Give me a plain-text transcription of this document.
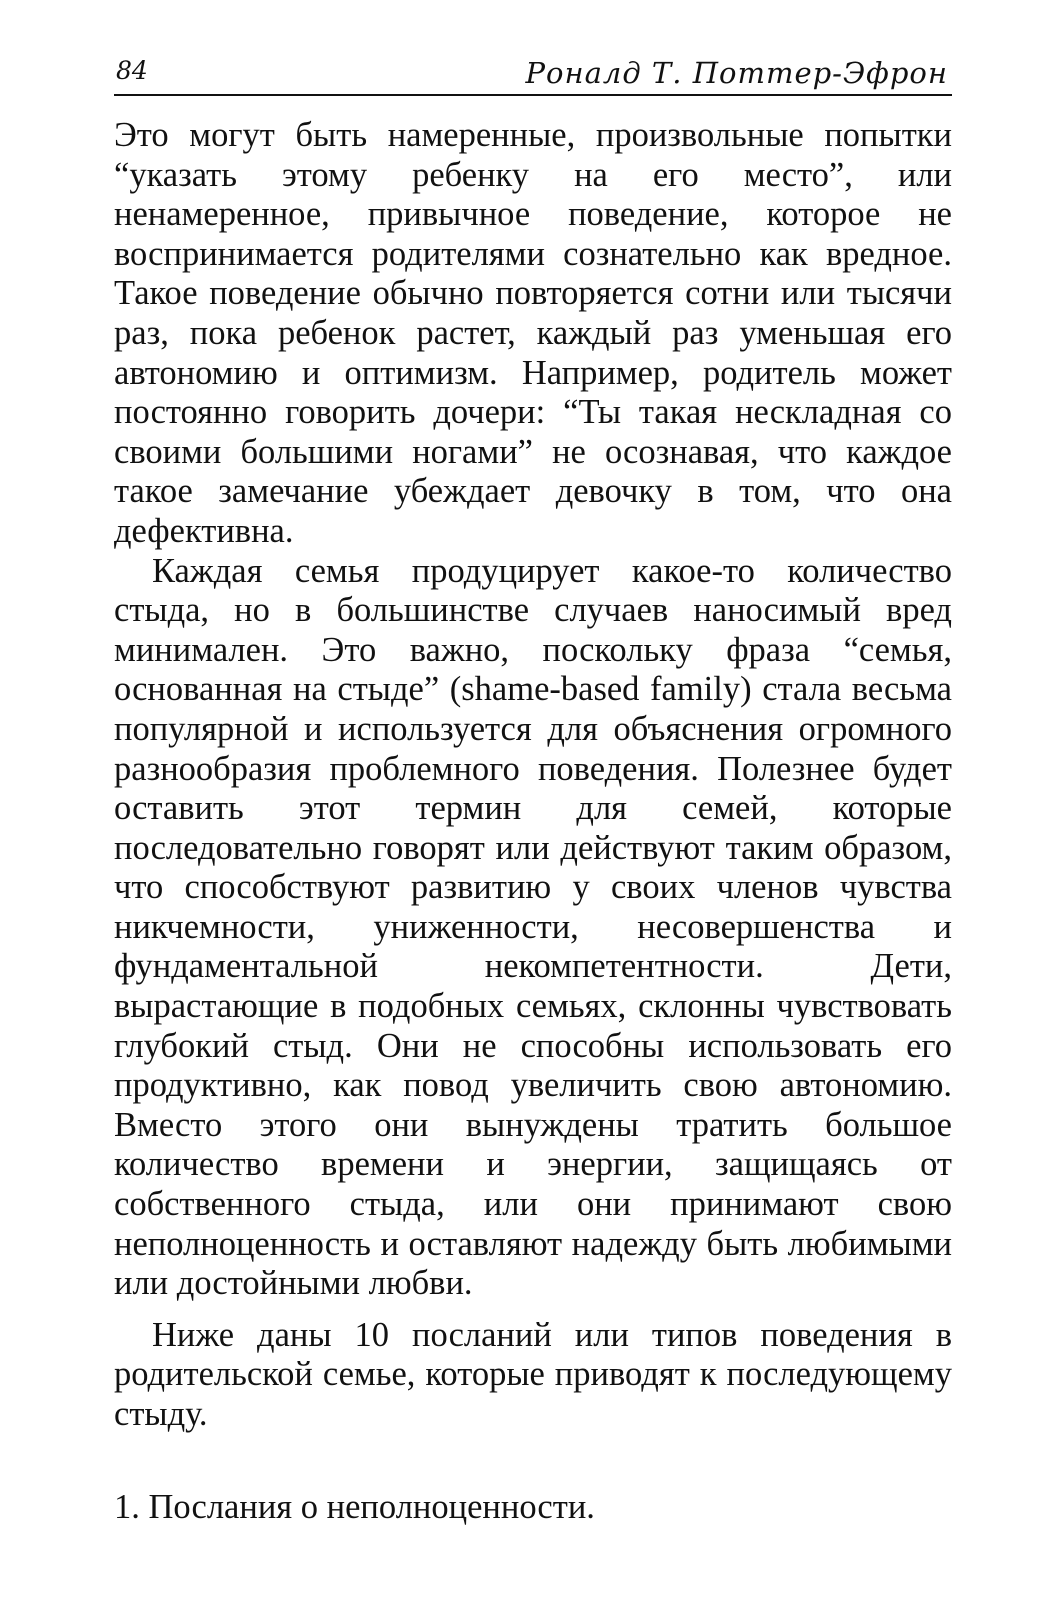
84	Роналд Т. Поттер-Эфрон

Это могут быть намеренные, произвольные попытки “указать этому ребенку на его место”, или ненамеренное, привычное поведение, которое не воспринимается родителями сознательно как вредное. Такое поведение обычно повторяется сотни или тысячи раз, пока ребенок растет, каждый раз уменьшая его автономию и оптимизм. Например, родитель может постоянно говорить дочери: “Ты такая нескладная со своими большими ногами” не осознавая, что каждое такое замечание убеждает девочку в том, что она дефективна.

Каждая семья продуцирует какое-то количество стыда, но в большинстве случаев наносимый вред минимален. Это важно, поскольку фраза “семья, основанная на стыде” (shame-based family) стала весьма популярной и используется для объяснения огромного разнообразия проблемного поведения. Полезнее будет оставить этот термин для семей, которые последовательно говорят или действуют таким образом, что способствуют развитию у своих членов чувства никчемности, униженности, несовершенства и фундаментальной некомпетентности. Дети, вырастающие в подобных семьях, склонны чувствовать глубокий стыд. Они не способны использовать его продуктивно, как повод увеличить свою автономию. Вместо этого они вынуждены тратить большое количество времени и энергии, защищаясь от собственного стыда, или они принимают свою неполноценность и оставляют надежду быть любимыми или достойными любви.

Ниже даны 10 посланий или типов поведения в родительской семье, которые приводят к последующему стыду.

1. Послания о неполноценности.
